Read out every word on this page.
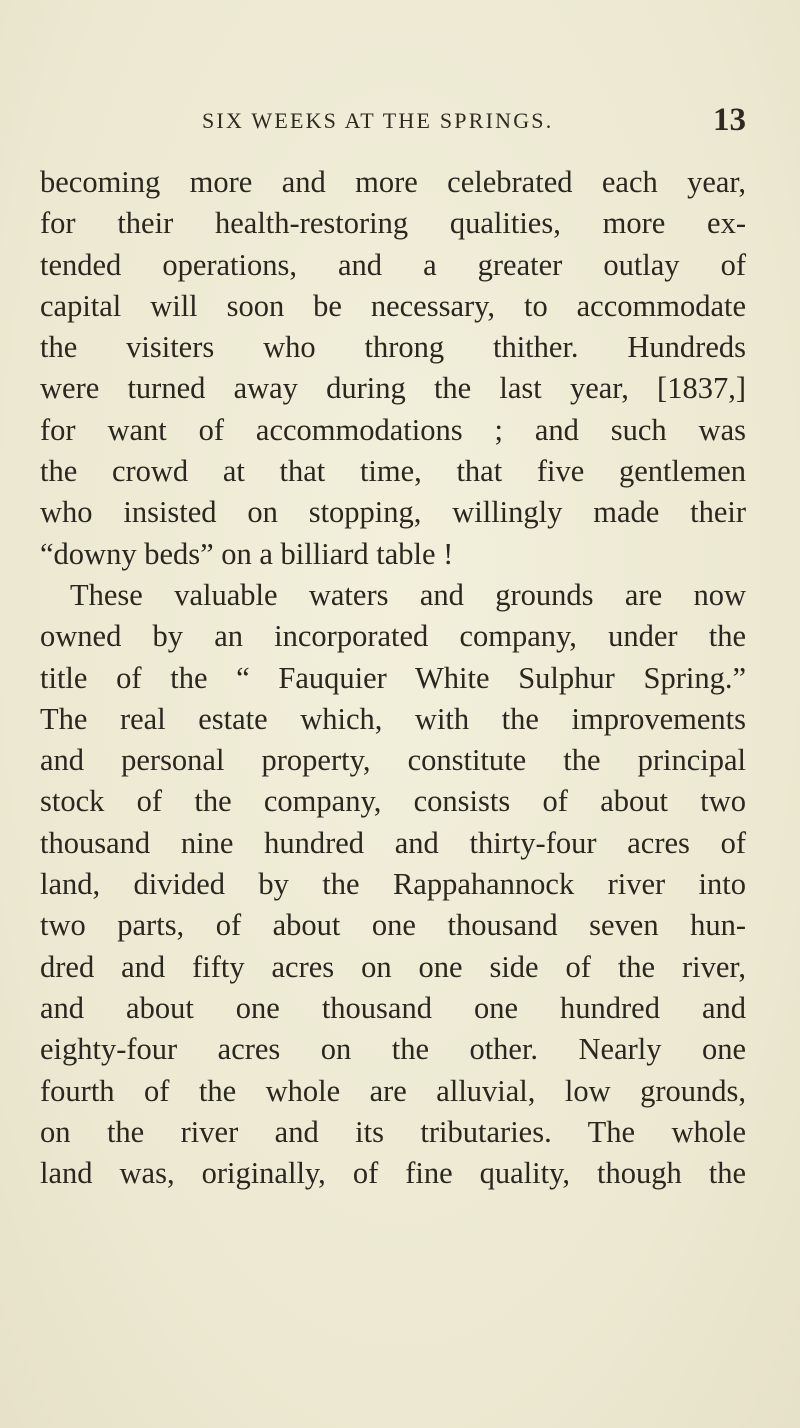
SIX WEEKS AT THE SPRINGS.	13
becoming more and more celebrated each year,
for their health-restoring qualities, more ex-
tended operations, and a greater outlay of
capital will soon be necessary, to accommodate
the visiters who throng thither. Hundreds
were turned away during the last year, [1837,]
for want of accommodations ; and such was
the crowd at that time, that five gentlemen
who insisted on stopping, willingly made their
“downy beds” on a billiard table !
These valuable waters and grounds are now
owned by an incorporated company, under the
title of the “ Fauquier White Sulphur Spring.”
The real estate which, with the improvements
and personal property, constitute the principal
stock of the company, consists of about two
thousand nine hundred and thirty-four acres of
land, divided by the Rappahannock river into
two parts, of about one thousand seven hun-
dred and fifty acres on one side of the river,
and about one thousand one hundred and
eighty-four acres on the other. Nearly one
fourth of the whole are alluvial, low grounds,
on the river and its tributaries. The whole
land was, originally, of fine quality, though the
